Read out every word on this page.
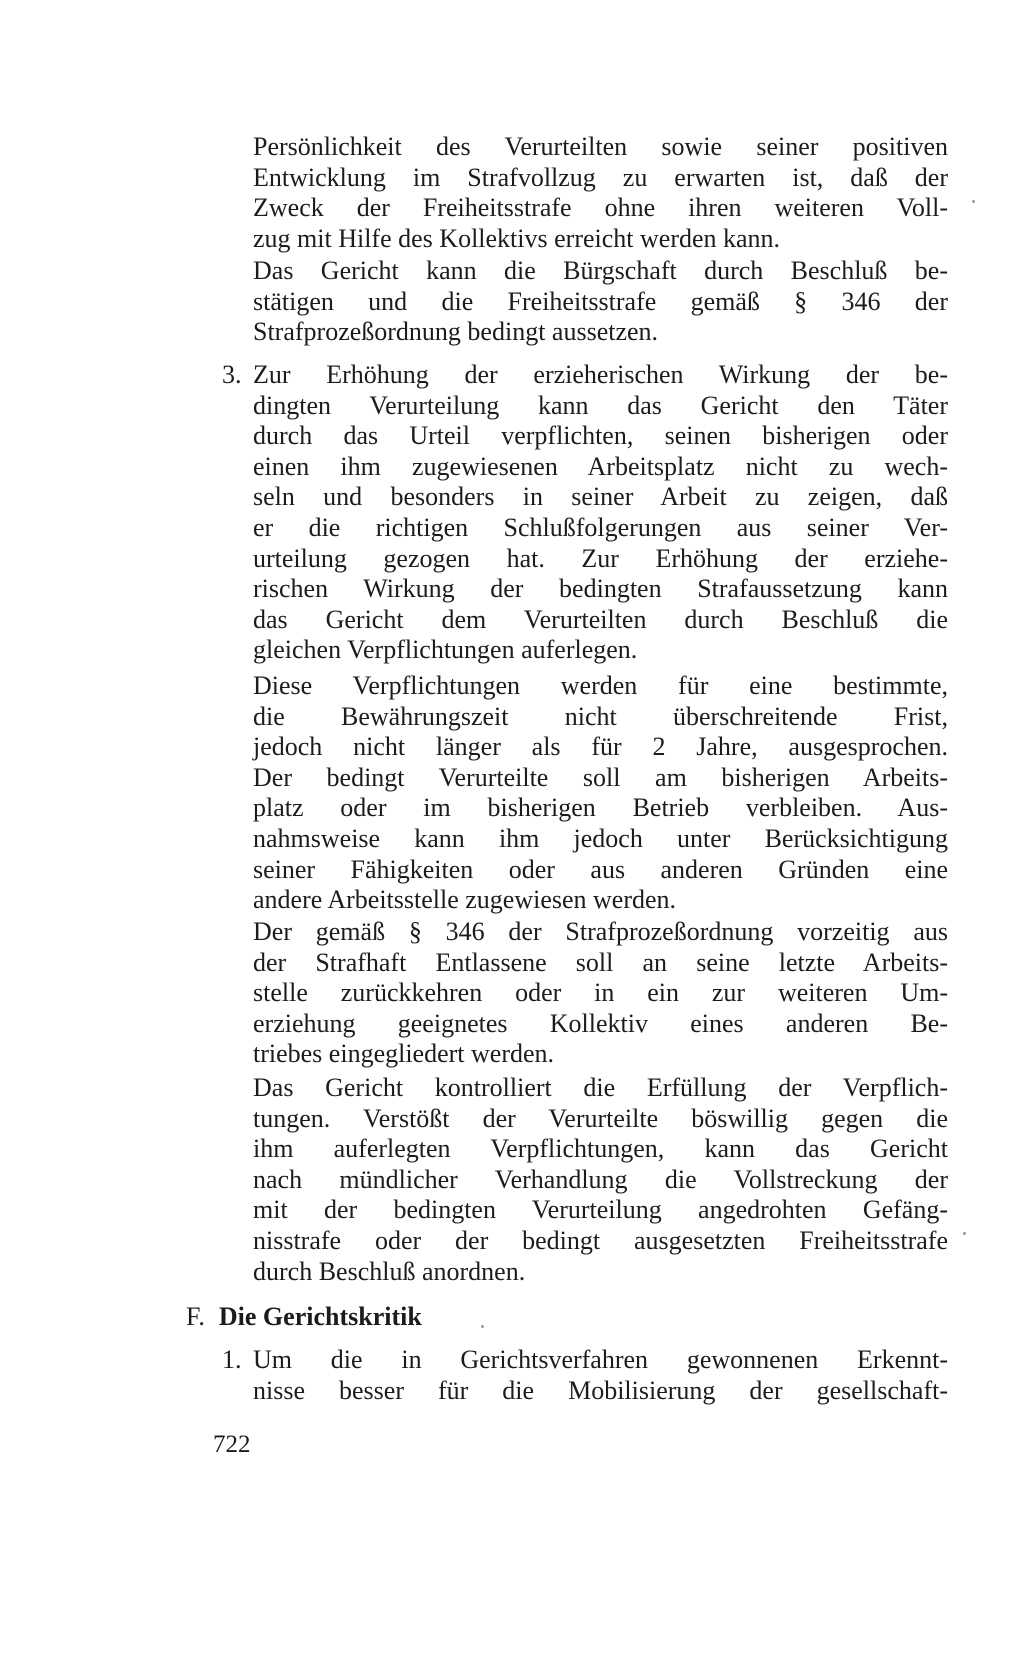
Persönlichkeit des Verurteilten sowie seiner positiven
Entwicklung im Strafvollzug zu erwarten ist, daß der
Zweck der Freiheitsstrafe ohne ihren weiteren Voll-
zug mit Hilfe des Kollektivs erreicht werden kann.

Das Gericht kann die Bürgschaft durch Beschluß be-
stätigen und die Freiheitsstrafe gemäß § 346 der
Strafprozeßordnung bedingt aussetzen.

3. Zur Erhöhung der erzieherischen Wirkung der be-
dingten Verurteilung kann das Gericht den Täter
durch das Urteil verpflichten, seinen bisherigen oder
einen ihm zugewiesenen Arbeitsplatz nicht zu wech-
seln und besonders in seiner Arbeit zu zeigen, daß
er die richtigen Schlußfolgerungen aus seiner Ver-
urteilung gezogen hat. Zur Erhöhung der erziehe-
rischen Wirkung der bedingten Strafaussetzung kann
das Gericht dem Verurteilten durch Beschluß die
gleichen Verpflichtungen auferlegen.

Diese Verpflichtungen werden für eine bestimmte,
die Bewährungszeit nicht überschreitende Frist,
jedoch nicht länger als für 2 Jahre, ausgesprochen.
Der bedingt Verurteilte soll am bisherigen Arbeits-
platz oder im bisherigen Betrieb verbleiben. Aus-
nahmsweise kann ihm jedoch unter Berücksichtigung
seiner Fähigkeiten oder aus anderen Gründen eine
andere Arbeitsstelle zugewiesen werden.

Der gemäß § 346 der Strafprozeßordnung vorzeitig aus
der Strafhaft Entlassene soll an seine letzte Arbeits-
stelle zurückkehren oder in ein zur weiteren Um-
erziehung geeignetes Kollektiv eines anderen Be-
triebes eingegliedert werden.

Das Gericht kontrolliert die Erfüllung der Verpflich-
tungen. Verstößt der Verurteilte böswillig gegen die
ihm auferlegten Verpflichtungen, kann das Gericht
nach mündlicher Verhandlung die Vollstreckung der
mit der bedingten Verurteilung angedrohten Gefäng-
nisstrafe oder der bedingt ausgesetzten Freiheitsstrafe
durch Beschluß anordnen.

F. Die Gerichtskritik
1. Um die in Gerichtsverfahren gewonnenen Erkennt-
nisse besser für die Mobilisierung der gesellschaft-

722
